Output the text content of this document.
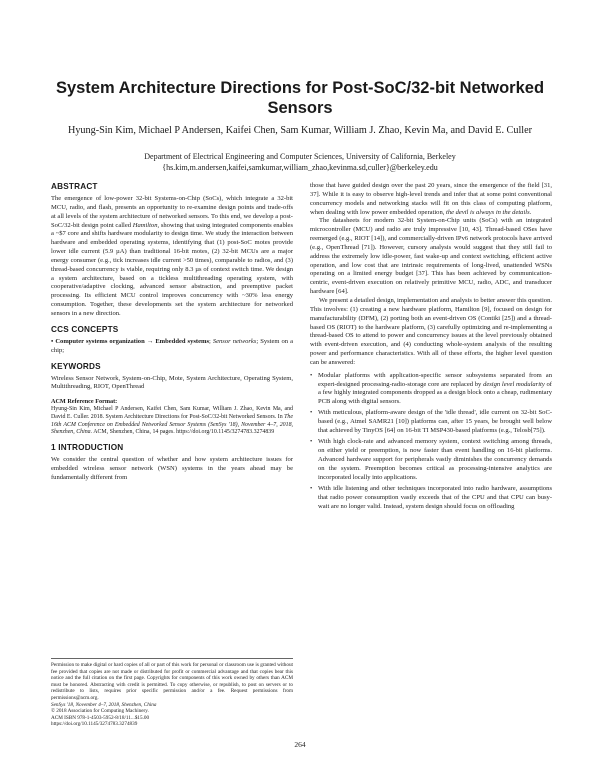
System Architecture Directions for Post-SoC/32-bit Networked Sensors
Hyung-Sin Kim, Michael P Andersen, Kaifei Chen, Sam Kumar, William J. Zhao, Kevin Ma, and David E. Culler
Department of Electrical Engineering and Computer Sciences, University of California, Berkeley
{hs.kim,m.andersen,kaifei,samkumar,william_zhao,kevinma.sd,culler}@berkeley.edu
ABSTRACT

The emergence of low-power 32-bit Systems-on-Chip (SoCs), which integrate a 32-bit MCU, radio, and flash, presents an opportunity to re-examine design points and trade-offs at all levels of the system architecture of networked sensors. To this end, we develop a post-SoC/32-bit design point called Hamilton, showing that using integrated components enables a ~$7 core and shifts hardware modularity to design time. We study the interaction between hardware and embedded operating systems, identifying that (1) post-SoC motes provide lower idle current (5.9 µA) than traditional 16-bit motes, (2) 32-bit MCUs are a major energy consumer (e.g., tick increases idle current >50 times), comparable to radios, and (3) thread-based concurrency is viable, requiring only 8.3 µs of context switch time. We design a system architecture, based on a tickless multithreading operating system, with cooperative/adaptive clocking, advanced sensor abstraction, and preemptive packet processing. Its efficient MCU control improves concurrency with ~30% less energy consumption. Together, these developments set the system architecture for networked sensors in a new direction.

CCS CONCEPTS

• Computer systems organization → Embedded systems; Sensor networks; System on a chip;

KEYWORDS

Wireless Sensor Network, System-on-Chip, Mote, System Architecture, Operating System, Multithreading, RIOT, OpenThread

ACM Reference Format:

Hyung-Sin Kim, Michael P Andersen, Kaifei Chen, Sam Kumar, William J. Zhao, Kevin Ma, and David E. Culler. 2018. System Architecture Directions for Post-SoC/32-bit Networked Sensors. In The 16th ACM Conference on Embedded Networked Sensor Systems (SenSys '18), November 4–7, 2018, Shenzhen, China. ACM, Shenzhen, China, 14 pages. https://doi.org/10.1145/3274783.3274839

1 INTRODUCTION

We consider the central question of whether and how system architecture issues for embedded wireless sensor network (WSN) systems in the years ahead may be fundamentally different from

Permission to make digital or hard copies of all or part of this work for personal or classroom use is granted without fee provided that copies are not made or distributed for profit or commercial advantage and that copies bear this notice and the full citation on the first page. Copyrights for components of this work owned by others than ACM must be honored. Abstracting with credit is permitted. To copy otherwise, or republish, to post on servers or to redistribute to lists, requires prior specific permission and/or a fee. Request permissions from permissions@acm.org.

SenSys '18, November 4–7, 2018, Shenzhen, China

© 2018 Association for Computing Machinery.

ACM ISBN 978-1-4503-5952-8/18/11...$15.00

https://doi.org/10.1145/3274783.3274839

those that have guided design over the past 20 years, since the emergence of the field [31, 37]. While it is easy to observe high-level trends and infer that at some point conventional concurrency models and networking stacks will fit on this class of computing platform, when dealing with low power embedded operation, the devil is always in the details.

The datasheets for modern 32-bit System-on-Chip units (SoCs) with an integrated microcontroller (MCU) and radio are truly impressive [10, 43]. Thread-based OSes have reemerged (e.g., RIOT [14]), and commercially-driven IPv6 network protocols have arrived (e.g., OpenThread [71]). However, cursory analysis would suggest that they still fail to address the extremely low idle-power, fast wake-up and context switching, efficient active operation, and low cost that are intrinsic requirements of long-lived, unattended WSNs operating on a limited energy budget [37]. This has been achieved by communication-centric, event-driven execution on relatively primitive MCU, radio, ADC, and transducer hardware [64].

We present a detailed design, implementation and analysis to better answer this question. This involves: (1) creating a new hardware platform, Hamilton [9], focused on design for manufacturability (DFM), (2) porting both an event-driven OS (Contiki [25]) and a thread-based OS (RIOT) to the hardware platform, (3) carefully optimizing and re-implementing a thread-based OS to attend to power and concurrency issues at the level previously obtained with event-driven execution, and (4) conducting whole-system analysis of the resulting power and performance characteristics. With all of these efforts, the higher level question can be answered:

• Modular platforms with application-specific sensor subsystems separated from an expert-designed processing-radio-storage core are replaced by design level modularity of a few highly integrated components dropped as a design block onto a cheap, rudimentary PCB along with digital sensors.
• With meticulous, platform-aware design of the 'idle thread', idle current on 32-bit SoC-based (e.g., Atmel SAMR21 [10]) platforms can, after 15 years, be brought well below that achieved by TinyOS [64] on 16-bit TI MSP430-based platforms (e.g., Telosb[75]).
• With high clock-rate and advanced memory system, context switching among threads, on either yield or preemption, is now faster than event handling on 16-bit platforms. Advanced hardware support for peripherals vastly diminishes the concurrency demands on the system. Preemption becomes critical as processing-intensive analytics are incorporated locally into applications.
• With idle listening and other techniques incorporated into radio hardware, assumptions that radio power consumption vastly exceeds that of the CPU and that CPU can busy-wait are no longer valid. Instead, system design should focus on offloading
264
